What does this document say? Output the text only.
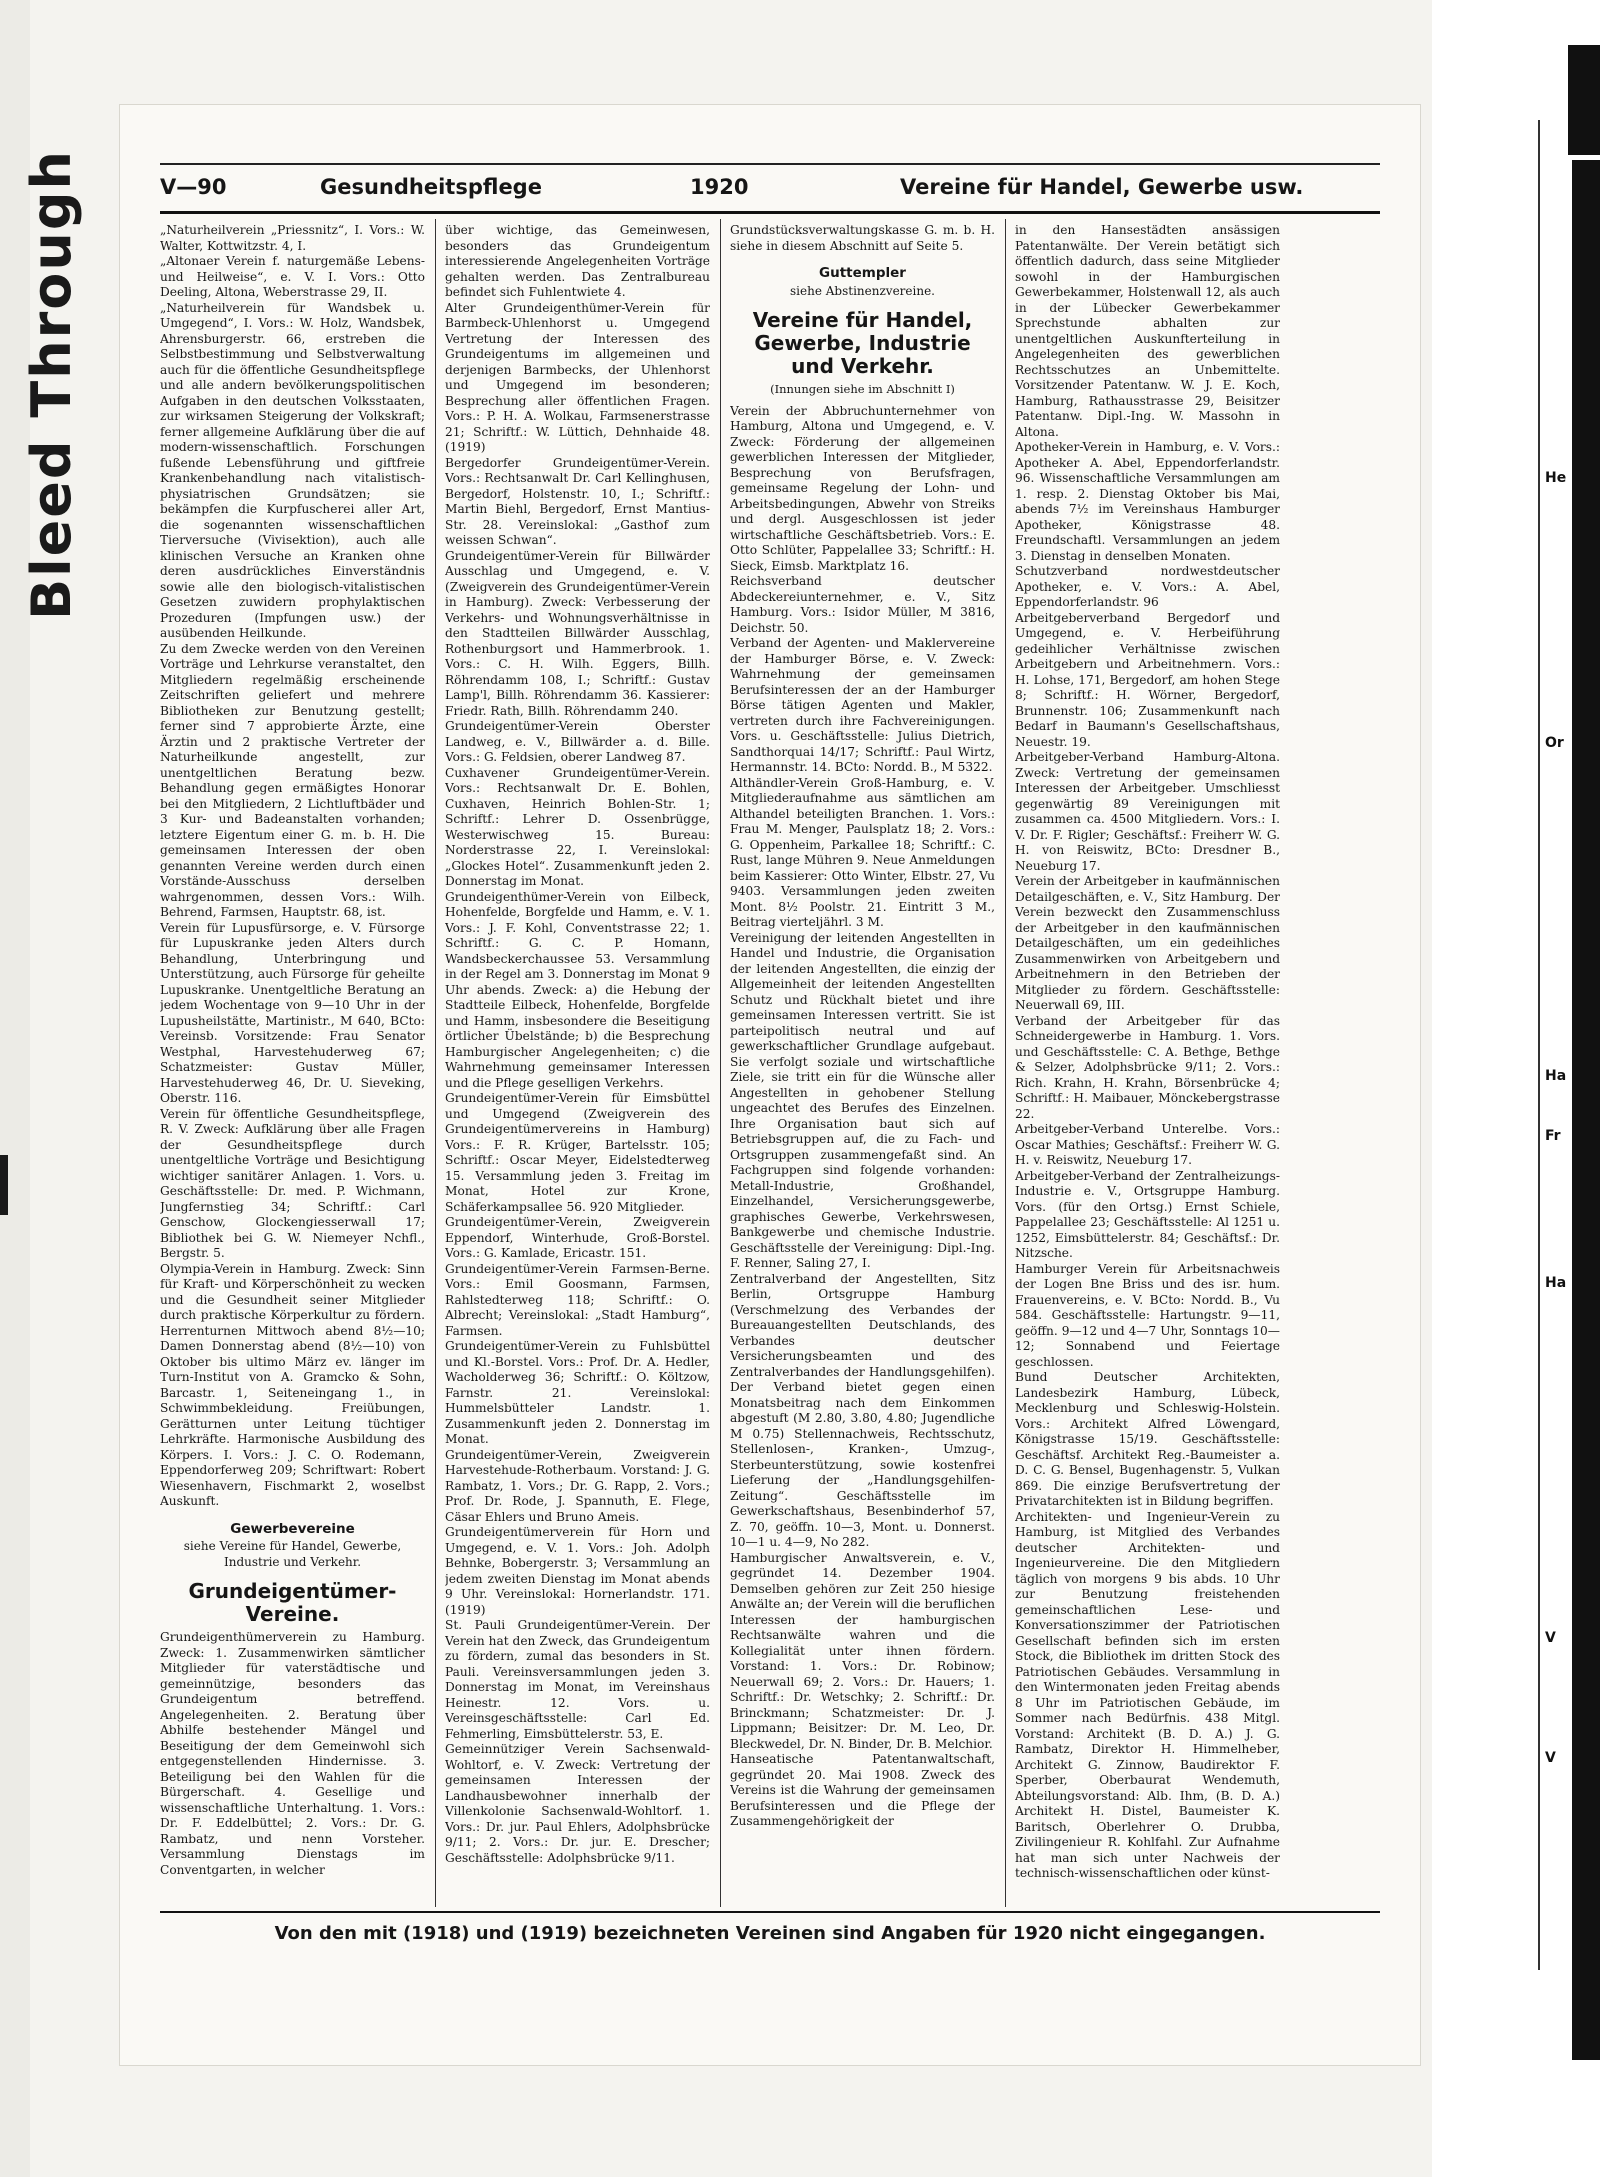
Bleed Through	He
Or
Ha
Fr
Ha
V
V
V—90	Gesundheitspflege	1920	Vereine für Handel, Gewerbe usw.

„Naturheilverein „Priessnitz“, I. Vors.: W. Walter, Kottwitzstr. 4, I.

„Altonaer Verein f. naturgemäße Lebens- und Heilweise“, e. V. I. Vors.: Otto Deeling, Altona, Weberstrasse 29, II.

„Naturheilverein für Wandsbek u. Umgegend“, I. Vors.: W. Holz, Wandsbek, Ahrensburgerstr. 66, erstreben die Selbstbestimmung und Selbstverwaltung auch für die öffentliche Gesundheitspflege und alle andern bevölkerungspolitischen Aufgaben in den deutschen Volksstaaten, zur wirksamen Steigerung der Volkskraft; ferner allgemeine Aufklärung über die auf modern-wissenschaftlich. Forschungen fußende Lebensführung und giftfreie Krankenbehandlung nach vitalistisch-physiatrischen Grundsätzen; sie bekämpfen die Kurpfuscherei aller Art, die sogenannten wissenschaftlichen Tierversuche (Vivisektion), auch alle klinischen Versuche an Kranken ohne deren ausdrückliches Einverständnis sowie alle den biologisch-vitalistischen Gesetzen zuwidern prophylaktischen Prozeduren (Impfungen usw.) der ausübenden Heilkunde.

Zu dem Zwecke werden von den Vereinen Vorträge und Lehrkurse veranstaltet, den Mitgliedern regelmäßig erscheinende Zeitschriften geliefert und mehrere Bibliotheken zur Benutzung gestellt; ferner sind 7 approbierte Ärzte, eine Ärztin und 2 praktische Vertreter der Naturheilkunde angestellt, zur unentgeltlichen Beratung bezw. Behandlung gegen ermäßigtes Honorar bei den Mitgliedern, 2 Lichtluftbäder und 3 Kur- und Badeanstalten vorhanden; letztere Eigentum einer G. m. b. H. Die gemeinsamen Interessen der oben genannten Vereine werden durch einen Vorstände-Ausschuss derselben wahrgenommen, dessen Vors.: Wilh. Behrend, Farmsen, Hauptstr. 68, ist.

Verein für Lupusfürsorge, e. V. Fürsorge für Lupuskranke jeden Alters durch Behandlung, Unterbringung und Unterstützung, auch Fürsorge für geheilte Lupuskranke. Unentgeltliche Beratung an jedem Wochentage von 9—10 Uhr in der Lupusheilstätte, Martinistr., M 640, BCto: Vereinsb. Vorsitzende: Frau Senator Westphal, Harvestehuderweg 67; Schatzmeister: Gustav Müller, Harvestehuderweg 46, Dr. U. Sieveking, Oberstr. 116.

Verein für öffentliche Gesundheitspflege, R. V. Zweck: Aufklärung über alle Fragen der Gesundheitspflege durch unentgeltliche Vorträge und Besichtigung wichtiger sanitärer Anlagen. 1. Vors. u. Geschäftsstelle: Dr. med. P. Wichmann, Jungfernstieg 34; Schriftf.: Carl Genschow, Glockengiesserwall 17; Bibliothek bei G. W. Niemeyer Nchfl., Bergstr. 5.

Olympia-Verein in Hamburg. Zweck: Sinn für Kraft- und Körperschönheit zu wecken und die Gesundheit seiner Mitglieder durch praktische Körperkultur zu fördern. Herrenturnen Mittwoch abend 8½—10; Damen Donnerstag abend (8½—10) von Oktober bis ultimo März ev. länger im Turn-Institut von A. Gramcko & Sohn, Barcastr. 1, Seiteneingang 1., in Schwimmbekleidung. Freiübungen, Gerätturnen unter Leitung tüchtiger Lehrkräfte. Harmonische Ausbildung des Körpers. I. Vors.: J. C. O. Rodemann, Eppendorferweg 209; Schriftwart: Robert Wiesenhavern, Fischmarkt 2, woselbst Auskunft.

Gewerbevereine
siehe Vereine für Handel, Gewerbe, Industrie und Verkehr.
Grundeigentümer-Vereine.

Grundeigenthümerverein zu Hamburg. Zweck: 1. Zusammenwirken sämtlicher Mitglieder für vaterstädtische und gemeinnützige, besonders das Grundeigentum betreffend. Angelegenheiten. 2. Beratung über Abhilfe bestehender Mängel und Beseitigung der dem Gemeinwohl sich entgegenstellenden Hindernisse. 3. Beteiligung bei den Wahlen für die Bürgerschaft. 4. Gesellige und wissenschaftliche Unterhaltung. 1. Vors.: Dr. F. Eddelbüttel; 2. Vors.: Dr. G. Rambatz, und nenn Vorsteher. Versammlung Dienstags im Conventgarten, in welcher

über wichtige, das Gemeinwesen, besonders das Grundeigentum interessierende Angelegenheiten Vorträge gehalten werden. Das Zentralbureau befindet sich Fuhlentwiete 4.

Alter Grundeigenthümer-Verein für Barmbeck-Uhlenhorst u. Umgegend Vertretung der Interessen des Grundeigentums im allgemeinen und derjenigen Barmbecks, der Uhlenhorst und Umgegend im besonderen; Besprechung aller öffentlichen Fragen. Vors.: P. H. A. Wolkau, Farmsenerstrasse 21; Schriftf.: W. Lüttich, Dehnhaide 48. (1919)

Bergedorfer Grundeigentümer-Verein. Vors.: Rechtsanwalt Dr. Carl Kellinghusen, Bergedorf, Holstenstr. 10, I.; Schriftf.: Martin Biehl, Bergedorf, Ernst Mantius-Str. 28. Vereinslokal: „Gasthof zum weissen Schwan“.

Grundeigentümer-Verein für Billwärder Ausschlag und Umgegend, e. V. (Zweigverein des Grundeigentümer-Verein in Hamburg). Zweck: Verbesserung der Verkehrs- und Wohnungsverhältnisse in den Stadtteilen Billwärder Ausschlag, Rothenburgsort und Hammerbrook. 1. Vors.: C. H. Wilh. Eggers, Billh. Röhrendamm 108, I.; Schriftf.: Gustav Lamp'l, Billh. Röhrendamm 36. Kassierer: Friedr. Rath, Billh. Röhrendamm 240.

Grundeigentümer-Verein Oberster Landweg, e. V., Billwärder a. d. Bille. Vors.: G. Feldsien, oberer Landweg 87.

Cuxhavener Grundeigentümer-Verein. Vors.: Rechtsanwalt Dr. E. Bohlen, Cuxhaven, Heinrich Bohlen-Str. 1; Schriftf.: Lehrer D. Ossenbrügge, Westerwischweg 15. Bureau: Norderstrasse 22, I. Vereinslokal: „Glockes Hotel“. Zusammenkunft jeden 2. Donnerstag im Monat.

Grundeigenthümer-Verein von Eilbeck, Hohenfelde, Borgfelde und Hamm, e. V. 1. Vors.: J. F. Kohl, Conventstrasse 22; 1. Schriftf.: G. C. P. Homann, Wandsbeckerchaussee 53. Versammlung in der Regel am 3. Donnerstag im Monat 9 Uhr abends. Zweck: a) die Hebung der Stadtteile Eilbeck, Hohenfelde, Borgfelde und Hamm, insbesondere die Beseitigung örtlicher Übelstände; b) die Besprechung Hamburgischer Angelegenheiten; c) die Wahrnehmung gemeinsamer Interessen und die Pflege geselligen Verkehrs.

Grundeigentümer-Verein für Eimsbüttel und Umgegend (Zweigverein des Grundeigentümervereins in Hamburg) Vors.: F. R. Krüger, Bartelsstr. 105; Schriftf.: Oscar Meyer, Eidelstedterweg 15. Versammlung jeden 3. Freitag im Monat, Hotel zur Krone, Schäferkampsallee 56. 920 Mitglieder.

Grundeigentümer-Verein, Zweigverein Eppendorf, Winterhude, Groß-Borstel. Vors.: G. Kamlade, Ericastr. 151.

Grundeigentümer-Verein Farmsen-Berne. Vors.: Emil Goosmann, Farmsen, Rahlstedterweg 118; Schriftf.: O. Albrecht; Vereinslokal: „Stadt Hamburg“, Farmsen.

Grundeigentümer-Verein zu Fuhlsbüttel und Kl.-Borstel. Vors.: Prof. Dr. A. Hedler, Wacholderweg 36; Schriftf.: O. Költzow, Farnstr. 21. Vereinslokal: Hummelsbütteler Landstr. 1. Zusammenkunft jeden 2. Donnerstag im Monat.

Grundeigentümer-Verein, Zweigverein Harvestehude-Rotherbaum. Vorstand: J. G. Rambatz, 1. Vors.; Dr. G. Rapp, 2. Vors.; Prof. Dr. Rode, J. Spannuth, E. Flege, Cäsar Ehlers und Bruno Ameis.

Grundeigentümerverein für Horn und Umgegend, e. V. 1. Vors.: Joh. Adolph Behnke, Bobergerstr. 3; Versammlung an jedem zweiten Dienstag im Monat abends 9 Uhr. Vereinslokal: Hornerlandstr. 171. (1919)

St. Pauli Grundeigentümer-Verein. Der Verein hat den Zweck, das Grundeigentum zu fördern, zumal das besonders in St. Pauli. Vereinsversammlungen jeden 3. Donnerstag im Monat, im Vereinshaus Heinestr. 12. Vors. u. Vereinsgeschäftsstelle: Carl Ed. Fehmerling, Eimsbüttelerstr. 53, E.

Gemeinnütziger Verein Sachsenwald-Wohltorf, e. V. Zweck: Vertretung der gemeinsamen Interessen der Landhausbewohner innerhalb der Villenkolonie Sachsenwald-Wohltorf. 1. Vors.: Dr. jur. Paul Ehlers, Adolphsbrücke 9/11; 2. Vors.: Dr. jur. E. Drescher; Geschäftsstelle: Adolphsbrücke 9/11.

Grundstücksverwaltungskasse G. m. b. H. siehe in diesem Abschnitt auf Seite 5.

Guttempler
siehe Abstinenzvereine.
Vereine für Handel, Gewerbe, Industrie und Verkehr.
(Innungen siehe im Abschnitt I)

Verein der Abbruchunternehmer von Hamburg, Altona und Umgegend, e. V. Zweck: Förderung der allgemeinen gewerblichen Interessen der Mitglieder, Besprechung von Berufsfragen, gemeinsame Regelung der Lohn- und Arbeitsbedingungen, Abwehr von Streiks und dergl. Ausgeschlossen ist jeder wirtschaftliche Geschäftsbetrieb. Vors.: E. Otto Schlüter, Pappelallee 33; Schriftf.: H. Sieck, Eimsb. Marktplatz 16.

Reichsverband deutscher Abdeckereiunternehmer, e. V., Sitz Hamburg. Vors.: Isidor Müller, M 3816, Deichstr. 50.

Verband der Agenten- und Maklervereine der Hamburger Börse, e. V. Zweck: Wahrnehmung der gemeinsamen Berufsinteressen der an der Hamburger Börse tätigen Agenten und Makler, vertreten durch ihre Fachvereinigungen. Vors. u. Geschäftsstelle: Julius Dietrich, Sandthorquai 14/17; Schriftf.: Paul Wirtz, Hermannstr. 14. BCto: Nordd. B., M 5322.

Althändler-Verein Groß-Hamburg, e. V. Mitgliederaufnahme aus sämtlichen am Althandel beteiligten Branchen. 1. Vors.: Frau M. Menger, Paulsplatz 18; 2. Vors.: G. Oppenheim, Parkallee 18; Schriftf.: C. Rust, lange Mühren 9. Neue Anmeldungen beim Kassierer: Otto Winter, Elbstr. 27, Vu 9403. Versammlungen jeden zweiten Mont. 8½ Poolstr. 21. Eintritt 3 M., Beitrag vierteljährl. 3 M.

Vereinigung der leitenden Angestellten in Handel und Industrie, die Organisation der leitenden Angestellten, die einzig der Allgemeinheit der leitenden Angestellten Schutz und Rückhalt bietet und ihre gemeinsamen Interessen vertritt. Sie ist parteipolitisch neutral und auf gewerkschaftlicher Grundlage aufgebaut. Sie verfolgt soziale und wirtschaftliche Ziele, sie tritt ein für die Wünsche aller Angestellten in gehobener Stellung ungeachtet des Berufes des Einzelnen. Ihre Organisation baut sich auf Betriebsgruppen auf, die zu Fach- und Ortsgruppen zusammengefaßt sind. An Fachgruppen sind folgende vorhanden: Metall-Industrie, Großhandel, Einzelhandel, Versicherungsgewerbe, graphisches Gewerbe, Verkehrswesen, Bankgewerbe und chemische Industrie. Geschäftsstelle der Vereinigung: Dipl.-Ing. F. Renner, Saling 27, I.

Zentralverband der Angestellten, Sitz Berlin, Ortsgruppe Hamburg (Verschmelzung des Verbandes der Bureauangestellten Deutschlands, des Verbandes deutscher Versicherungsbeamten und des Zentralverbandes der Handlungsgehilfen). Der Verband bietet gegen einen Monatsbeitrag nach dem Einkommen abgestuft (M 2.80, 3.80, 4.80; Jugendliche M 0.75) Stellennachweis, Rechtsschutz, Stellenlosen-, Kranken-, Umzug-, Sterbeunterstützung, sowie kostenfrei Lieferung der „Handlungsgehilfen-Zeitung“. Geschäftsstelle im Gewerkschaftshaus, Besenbinderhof 57, Z. 70, geöffn. 10—3, Mont. u. Donnerst. 10—1 u. 4—9, No 282.

Hamburgischer Anwaltsverein, e. V., gegründet 14. Dezember 1904. Demselben gehören zur Zeit 250 hiesige Anwälte an; der Verein will die beruflichen Interessen der hamburgischen Rechtsanwälte wahren und die Kollegialität unter ihnen fördern. Vorstand: 1. Vors.: Dr. Robinow; Neuerwall 69; 2. Vors.: Dr. Hauers; 1. Schriftf.: Dr. Wetschky; 2. Schriftf.: Dr. Brinckmann; Schatzmeister: Dr. J. Lippmann; Beisitzer: Dr. M. Leo, Dr. Bleckwedel, Dr. N. Binder, Dr. B. Melchior.

Hanseatische Patentanwaltschaft, gegründet 20. Mai 1908. Zweck des Vereins ist die Wahrung der gemeinsamen Berufsinteressen und die Pflege der Zusammengehörigkeit der

in den Hansestädten ansässigen Patentanwälte. Der Verein betätigt sich öffentlich dadurch, dass seine Mitglieder sowohl in der Hamburgischen Gewerbekammer, Holstenwall 12, als auch in der Lübecker Gewerbekammer Sprechstunde abhalten zur unentgeltlichen Auskunfterteilung in Angelegenheiten des gewerblichen Rechtsschutzes an Unbemittelte. Vorsitzender Patentanw. W. J. E. Koch, Hamburg, Rathausstrasse 29, Beisitzer Patentanw. Dipl.-Ing. W. Massohn in Altona.

Apotheker-Verein in Hamburg, e. V. Vors.: Apotheker A. Abel, Eppendorferlandstr. 96. Wissenschaftliche Versammlungen am 1. resp. 2. Dienstag Oktober bis Mai, abends 7½ im Vereinshaus Hamburger Apotheker, Königstrasse 48. Freundschaftl. Versammlungen an jedem 3. Dienstag in denselben Monaten.

Schutzverband nordwestdeutscher Apotheker, e. V. Vors.: A. Abel, Eppendorferlandstr. 96

Arbeitgeberverband Bergedorf und Umgegend, e. V. Herbeiführung gedeihlicher Verhältnisse zwischen Arbeitgebern und Arbeitnehmern. Vors.: H. Lohse, 171, Bergedorf, am hohen Stege 8; Schriftf.: H. Wörner, Bergedorf, Brunnenstr. 106; Zusammenkunft nach Bedarf in Baumann's Gesellschaftshaus, Neuestr. 19.

Arbeitgeber-Verband Hamburg-Altona. Zweck: Vertretung der gemeinsamen Interessen der Arbeitgeber. Umschliesst gegenwärtig 89 Vereinigungen mit zusammen ca. 4500 Mitgliedern. Vors.: I. V. Dr. F. Rigler; Geschäftsf.: Freiherr W. G. H. von Reiswitz, BCto: Dresdner B., Neueburg 17.

Verein der Arbeitgeber in kaufmännischen Detailgeschäften, e. V., Sitz Hamburg. Der Verein bezweckt den Zusammenschluss der Arbeitgeber in den kaufmännischen Detailgeschäften, um ein gedeihliches Zusammenwirken von Arbeitgebern und Arbeitnehmern in den Betrieben der Mitglieder zu fördern. Geschäftsstelle: Neuerwall 69, III.

Verband der Arbeitgeber für das Schneidergewerbe in Hamburg. 1. Vors. und Geschäftsstelle: C. A. Bethge, Bethge & Selzer, Adolphsbrücke 9/11; 2. Vors.: Rich. Krahn, H. Krahn, Börsenbrücke 4; Schriftf.: H. Maibauer, Mönckebergstrasse 22.

Arbeitgeber-Verband Unterelbe. Vors.: Oscar Mathies; Geschäftsf.: Freiherr W. G. H. v. Reiswitz, Neueburg 17.

Arbeitgeber-Verband der Zentralheizungs-Industrie e. V., Ortsgruppe Hamburg. Vors. (für den Ortsg.) Ernst Schiele, Pappelallee 23; Geschäftsstelle: Al 1251 u. 1252, Eimsbüttelerstr. 84; Geschäftsf.: Dr. Nitzsche.

Hamburger Verein für Arbeitsnachweis der Logen Bne Briss und des isr. hum. Frauenvereins, e. V. BCto: Nordd. B., Vu 584. Geschäftsstelle: Hartungstr. 9—11, geöffn. 9—12 und 4—7 Uhr, Sonntags 10—12; Sonnabend und Feiertage geschlossen.

Bund Deutscher Architekten, Landesbezirk Hamburg, Lübeck, Mecklenburg und Schleswig-Holstein. Vors.: Architekt Alfred Löwengard, Königstrasse 15/19. Geschäftsstelle: Geschäftsf. Architekt Reg.-Baumeister a. D. C. G. Bensel, Bugenhagenstr. 5, Vulkan 869. Die einzige Berufsvertretung der Privatarchitekten ist in Bildung begriffen.

Architekten- und Ingenieur-Verein zu Hamburg, ist Mitglied des Verbandes deutscher Architekten- und Ingenieurvereine. Die den Mitgliedern täglich von morgens 9 bis abds. 10 Uhr zur Benutzung freistehenden gemeinschaftlichen Lese- und Konversationszimmer der Patriotischen Gesellschaft befinden sich im ersten Stock, die Bibliothek im dritten Stock des Patriotischen Gebäudes. Versammlung in den Wintermonaten jeden Freitag abends 8 Uhr im Patriotischen Gebäude, im Sommer nach Bedürfnis. 438 Mitgl. Vorstand: Architekt (B. D. A.) J. G. Rambatz, Direktor H. Himmelheber, Architekt G. Zinnow, Baudirektor F. Sperber, Oberbaurat Wendemuth, Abteilungsvorstand: Alb. Ihm, (B. D. A.) Architekt H. Distel, Baumeister K. Baritsch, Oberlehrer O. Drubba, Zivilingenieur R. Kohlfahl. Zur Aufnahme hat man sich unter Nachweis der technisch-wissenschaftlichen oder künst-

Von den mit (1918) und (1919) bezeichneten Vereinen sind Angaben für 1920 nicht eingegangen.
